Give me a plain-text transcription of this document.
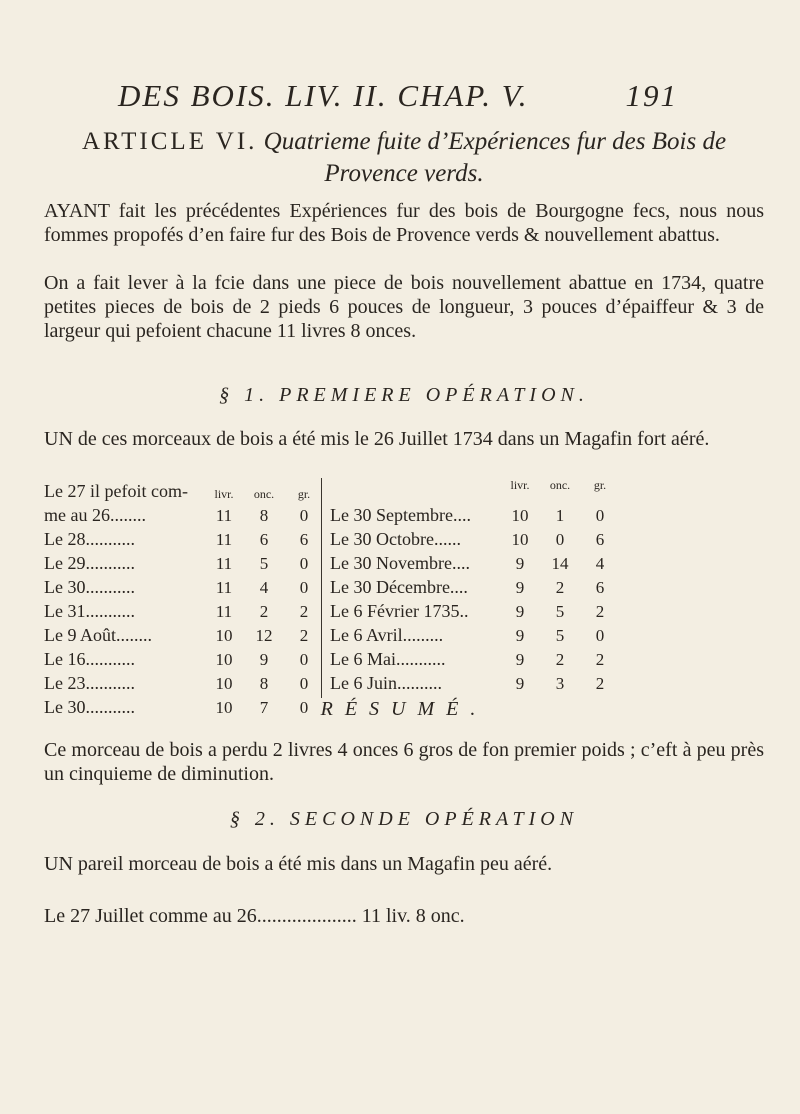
DES BOIS. LIV. II. CHAP. V.	191
ARTICLE VI. Quatrieme fuite d’Expériences fur des Bois de Provence verds.
AYANT fait les précédentes Expériences fur des bois de Bourgogne fecs, nous nous fommes propofés d’en faire fur des Bois de Provence verds & nouvellement abattus.
On a fait lever à la fcie dans une piece de bois nouvellement abattue en 1734, quatre petites pieces de bois de 2 pieds 6 pouces de longueur, 3 pouces d’épaiffeur & 3 de largeur qui pefoient chacune 11 livres 8 onces.
§ 1. PREMIERE OPÉRATION.
UN de ces morceaux de bois a été mis le 26 Juillet 1734 dans un Magafin fort aéré.
Le 27 il pefoit com-	livr.	onc.	gr.
me au 26........	11	8	0
Le 28...........	11	6	6
Le 29...........	11	5	0
Le 30...........	11	4	0
Le 31...........	11	2	2
Le 9 Août........	10	12	2
Le 16...........	10	9	0
Le 23...........	10	8	0
Le 30...........	10	7	0
	livr.	onc.	gr.
Le 30 Septembre....	10	1	0
Le 30 Octobre......	10	0	6
Le 30 Novembre....	9	14	4
Le 30 Décembre....	9	2	6
Le 6 Février 1735..	9	5	2
Le 6 Avril.........	9	5	0
Le 6 Mai...........	9	2	2
Le 6 Juin..........	9	3	2
RÉSUMÉ.
Ce morceau de bois a perdu 2 livres 4 onces 6 gros de fon premier poids ; c’eft à peu près un cinquieme de diminution.
§ 2. SECONDE OPÉRATION
UN pareil morceau de bois a été mis dans un Magafin peu aéré.
Le 27 Juillet comme au 26.................... 11 liv. 8 onc.
